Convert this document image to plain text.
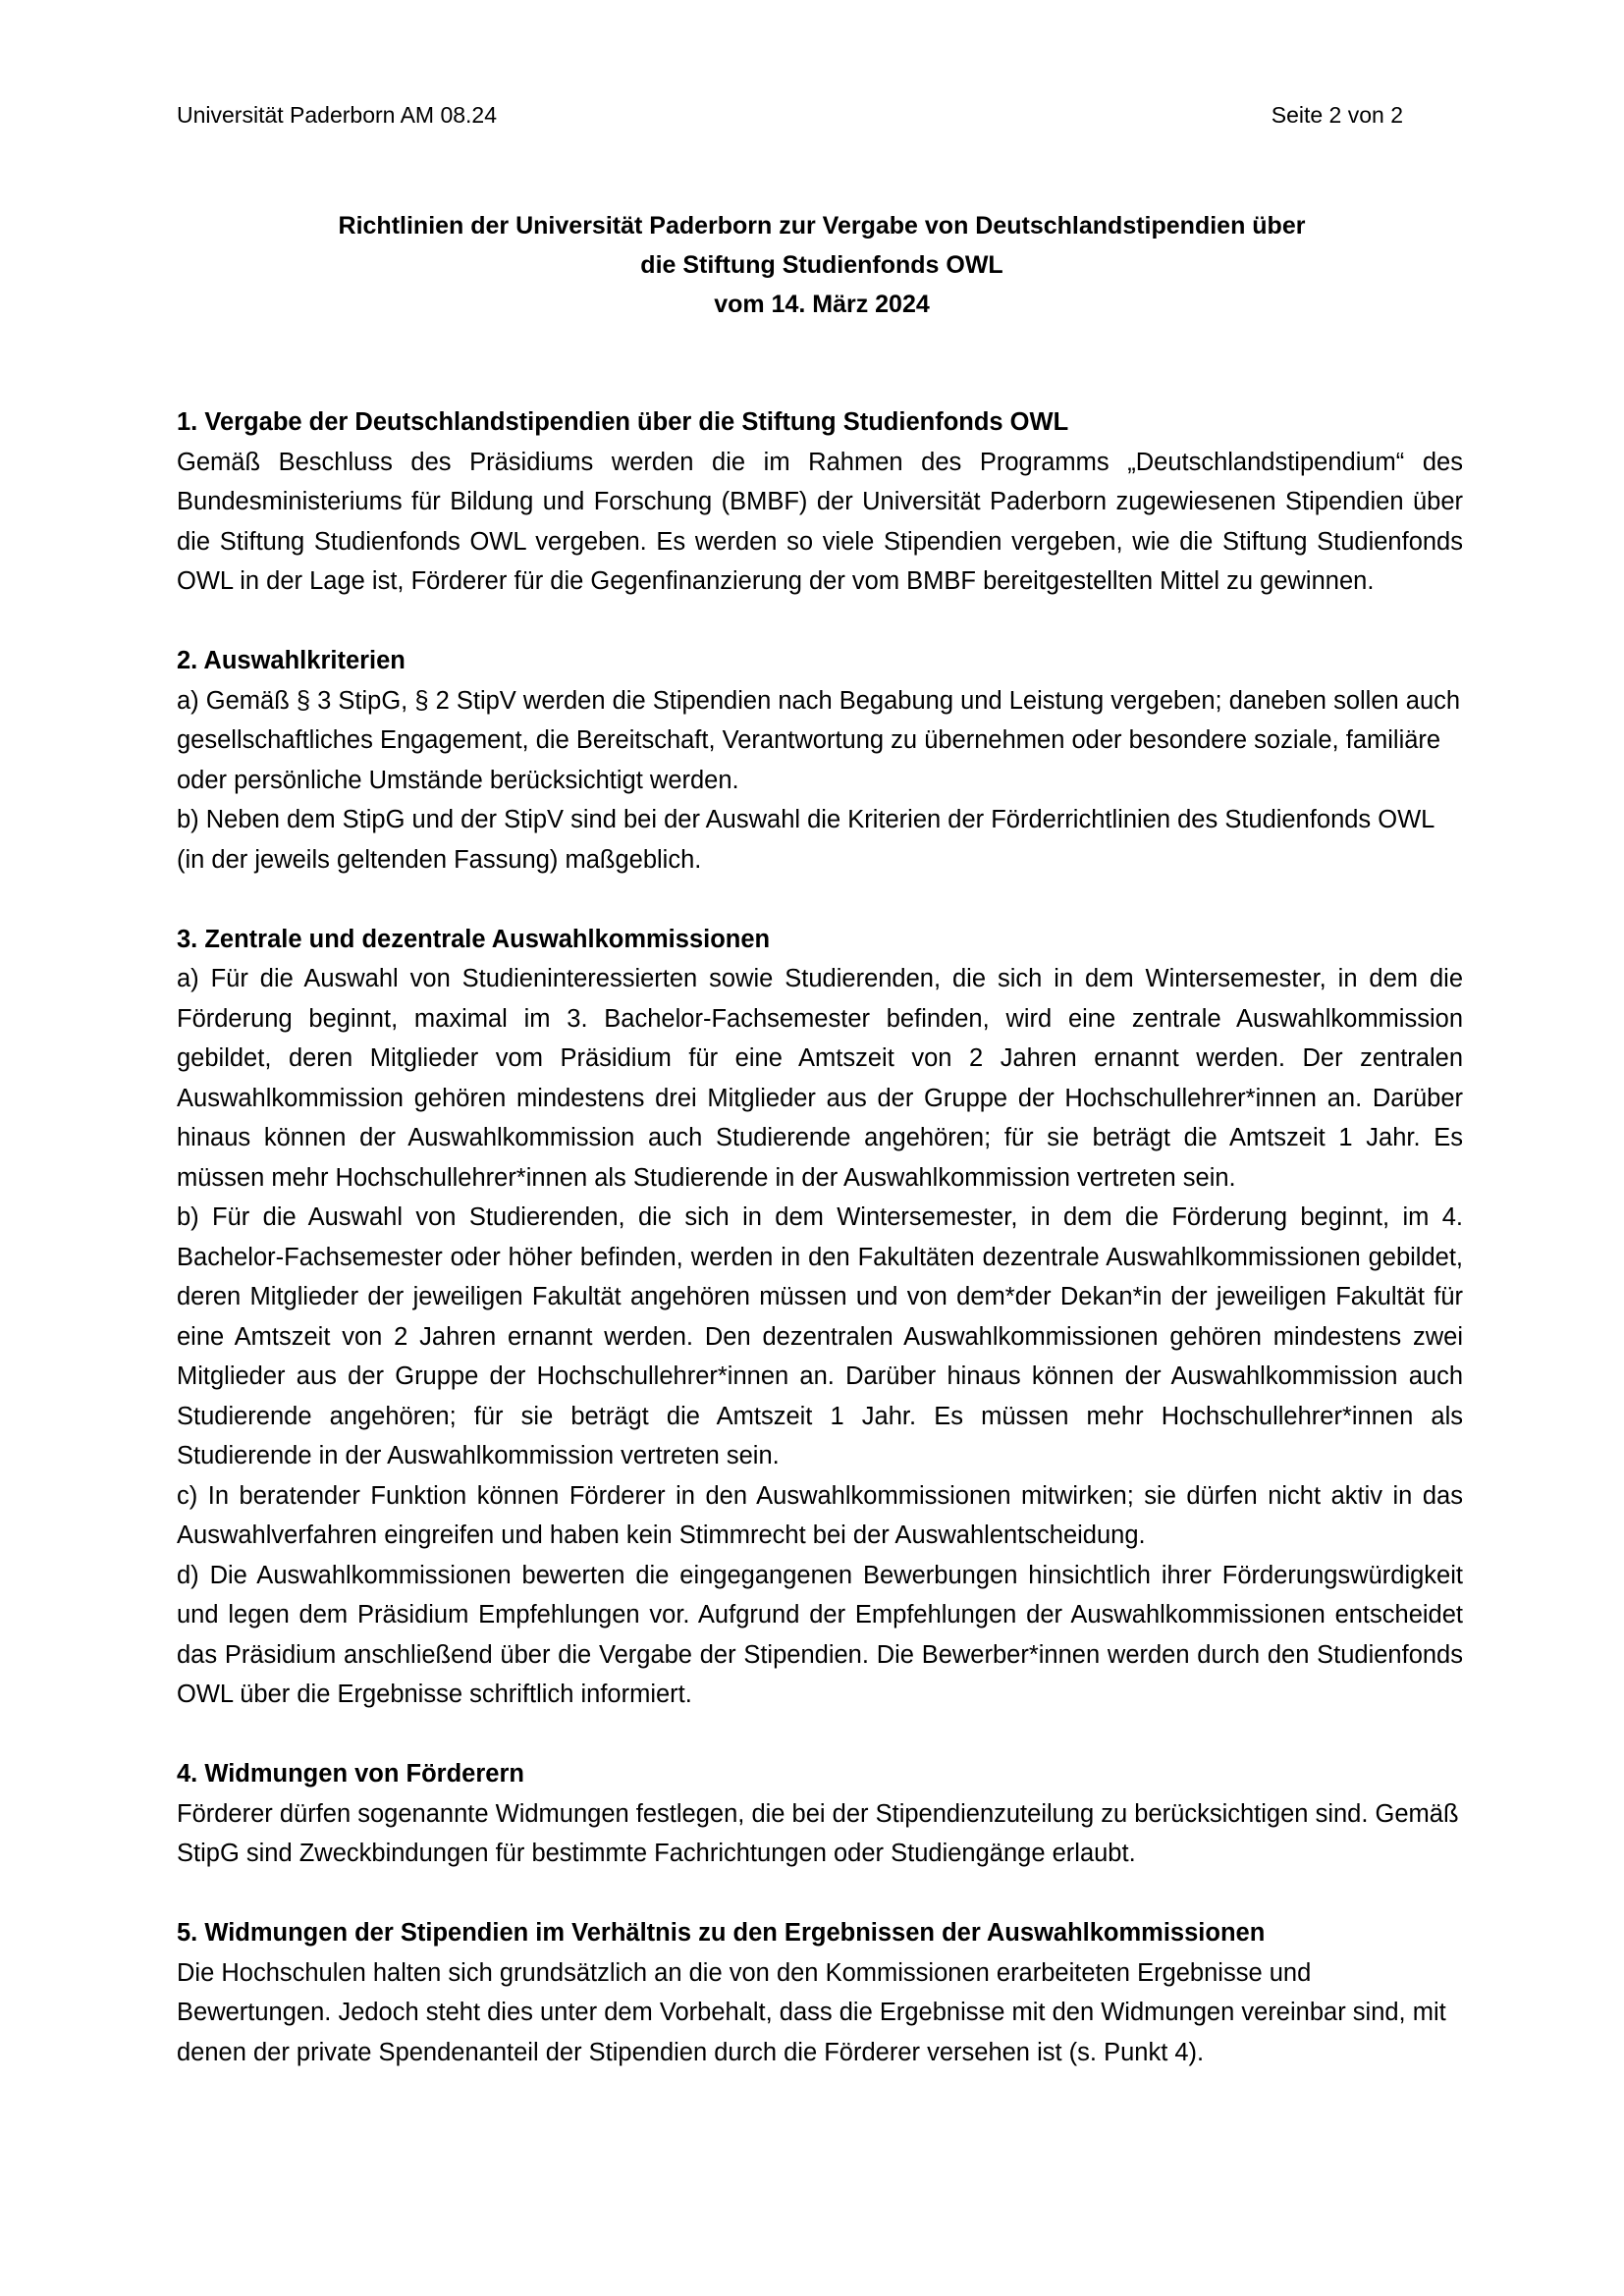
Universität Paderborn AM 08.24	Seite 2 von 2
Richtlinien der Universität Paderborn zur Vergabe von Deutschlandstipendien über
die Stiftung Studienfonds OWL
vom 14. März 2024

1. Vergabe der Deutschlandstipendien über die Stiftung Studienfonds OWL

Gemäß Beschluss des Präsidiums werden die im Rahmen des Programms „Deutschlandstipendium“ des Bundesministeriums für Bildung und Forschung (BMBF) der Universität Paderborn zugewiesenen Stipendien über die Stiftung Studienfonds OWL vergeben. Es werden so viele Stipendien vergeben, wie die Stiftung Studienfonds OWL in der Lage ist, Förderer für die Gegenfinanzierung der vom BMBF bereitgestellten Mittel zu gewinnen.

2. Auswahlkriterien

a) Gemäß § 3 StipG, § 2 StipV werden die Stipendien nach Begabung und Leistung vergeben; daneben sollen auch gesellschaftliches Engagement, die Bereitschaft, Verantwortung zu übernehmen oder besondere soziale, familiäre oder persönliche Umstände berücksichtigt werden.

b) Neben dem StipG und der StipV sind bei der Auswahl die Kriterien der Förderrichtlinien des Studienfonds OWL (in der jeweils geltenden Fassung) maßgeblich.

3. Zentrale und dezentrale Auswahlkommissionen

a) Für die Auswahl von Studieninteressierten sowie Studierenden, die sich in dem Wintersemester, in dem die Förderung beginnt, maximal im 3. Bachelor-Fachsemester befinden, wird eine zentrale Auswahlkommission gebildet, deren Mitglieder vom Präsidium für eine Amtszeit von 2 Jahren ernannt werden. Der zentralen Auswahlkommission gehören mindestens drei Mitglieder aus der Gruppe der Hochschullehrer*innen an. Darüber hinaus können der Auswahlkommission auch Studierende angehören; für sie beträgt die Amtszeit 1 Jahr. Es müssen mehr Hochschullehrer*innen als Studierende in der Auswahlkommission vertreten sein.

b) Für die Auswahl von Studierenden, die sich in dem Wintersemester, in dem die Förderung beginnt, im 4. Bachelor-Fachsemester oder höher befinden, werden in den Fakultäten dezentrale Auswahlkommissionen gebildet, deren Mitglieder der jeweiligen Fakultät angehören müssen und von dem*der Dekan*in der jeweiligen Fakultät für eine Amtszeit von 2 Jahren ernannt werden. Den dezentralen Auswahlkommissionen gehören mindestens zwei Mitglieder aus der Gruppe der Hochschullehrer*innen an. Darüber hinaus können der Auswahlkommission auch Studierende angehören; für sie beträgt die Amtszeit 1 Jahr. Es müssen mehr Hochschullehrer*innen als Studierende in der Auswahlkommission vertreten sein.

c) In beratender Funktion können Förderer in den Auswahlkommissionen mitwirken; sie dürfen nicht aktiv in das Auswahlverfahren eingreifen und haben kein Stimmrecht bei der Auswahlentscheidung.

d) Die Auswahlkommissionen bewerten die eingegangenen Bewerbungen hinsichtlich ihrer Förderungswürdigkeit und legen dem Präsidium Empfehlungen vor. Aufgrund der Empfehlungen der Auswahlkommissionen entscheidet das Präsidium anschließend über die Vergabe der Stipendien. Die Bewerber*innen werden durch den Studienfonds OWL über die Ergebnisse schriftlich informiert.

4. Widmungen von Förderern

Förderer dürfen sogenannte Widmungen festlegen, die bei der Stipendienzuteilung zu berücksichtigen sind. Gemäß StipG sind Zweckbindungen für bestimmte Fachrichtungen oder Studiengänge erlaubt.

5. Widmungen der Stipendien im Verhältnis zu den Ergebnissen der Auswahlkommissionen

Die Hochschulen halten sich grundsätzlich an die von den Kommissionen erarbeiteten Ergebnisse und Bewertungen. Jedoch steht dies unter dem Vorbehalt, dass die Ergebnisse mit den Widmungen vereinbar sind, mit denen der private Spendenanteil der Stipendien durch die Förderer versehen ist (s. Punkt 4).
